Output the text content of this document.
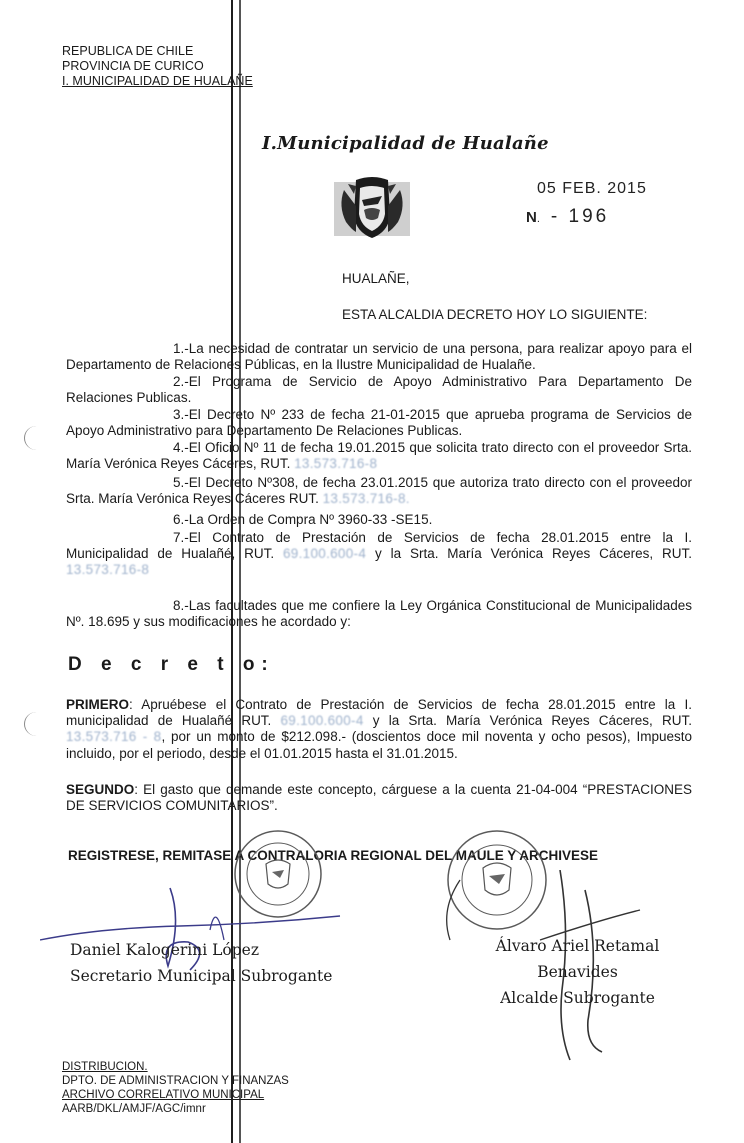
REPUBLICA DE CHILE
PROVINCIA DE CURICO
I. MUNICIPALIDAD DE HUALAÑE
I.Municipalidad de Hualañe
05 FEB. 2015
N. - 196
HUALAÑE,
ESTA ALCALDIA DECRETO HOY LO SIGUIENTE:
1.-La necesidad de contratar un servicio de una persona, para realizar apoyo para el Departamento de Relaciones Públicas, en la Ilustre Municipalidad de Hualañe.
2.-El Programa de Servicio de Apoyo Administrativo Para Departamento De Relaciones Publicas.
3.-El Decreto Nº 233 de fecha 21-01-2015 que aprueba programa de Servicios de Apoyo Administrativo para Departamento De Relaciones Publicas.
4.-El Oficio Nº 11 de fecha 19.01.2015 que solicita trato directo con el proveedor Srta. María Verónica Reyes Cáceres, RUT. 13.573.716-8
5.-El Decreto Nº308, de fecha 23.01.2015 que autoriza trato directo con el proveedor Srta. María Verónica Reyes Cáceres RUT. 13.573.716-8.
6.-La Orden de Compra Nº 3960-33 -SE15.
7.-El Contrato de Prestación de Servicios de fecha 28.01.2015 entre la I. Municipalidad de Hualañé, RUT. 69.100.600-4 y la Srta. María Verónica Reyes Cáceres, RUT. 13.573.716-8
8.-Las facultades que me confiere la Ley Orgánica Constitucional de Municipalidades Nº. 18.695 y sus modificaciones he acordado y:
D e c r e t o:
PRIMERO: Apruébese el Contrato de Prestación de Servicios de fecha 28.01.2015 entre la I. municipalidad de Hualañé RUT. 69.100.600-4 y la Srta. María Verónica Reyes Cáceres, RUT. 13.573.716 - 8, por un monto de $212.098.- (doscientos doce mil noventa y ocho pesos), Impuesto incluido, por el periodo, desde el 01.01.2015 hasta el 31.01.2015.
SEGUNDO: El gasto que demande este concepto, cárguese a la cuenta 21-04-004 “PRESTACIONES DE SERVICIOS COMUNITARIOS”.
REGISTRESE, REMITASE A CONTRALORIA REGIONAL DEL MAULE Y ARCHIVESE
Daniel Kalogerini López
Secretario Municipal Subrogante
Álvaro Ariel Retamal Benavides
Alcalde Subrogante
DISTRIBUCION.
DPTO. DE ADMINISTRACION Y FINANZAS
ARCHIVO CORRELATIVO MUNICIPAL
AARB/DKL/AMJF/AGC/imnr
